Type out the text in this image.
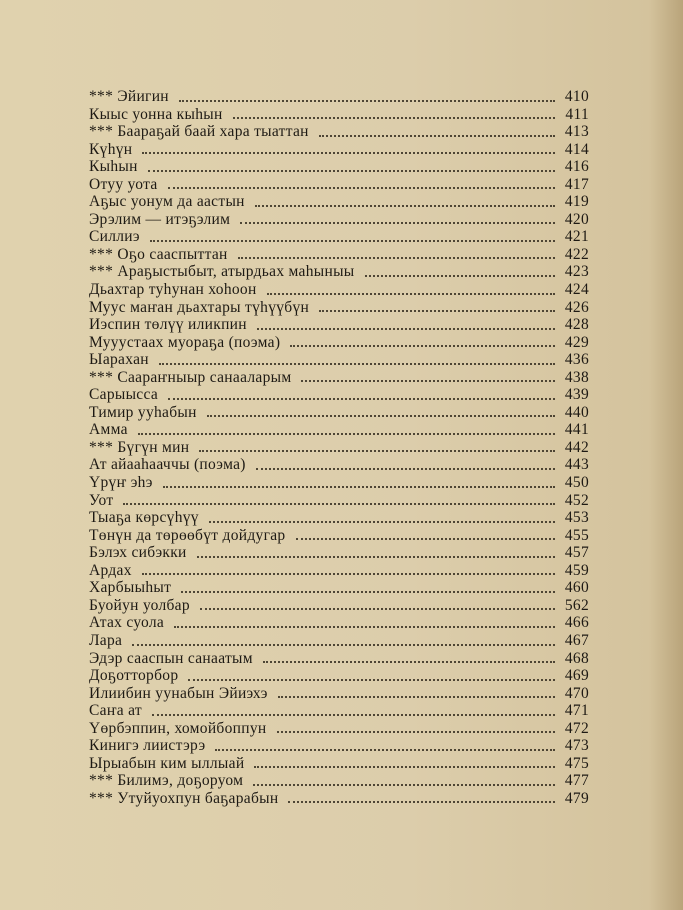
*** Эйигин	410
Кыыс уонна кыһын	411
*** Баараҕай баай хара тыаттан	413
Күһүн	414
Кыһын	416
Отуу уота	417
Аҕыс уонум да аастын	419
Эрэлим — итэҕэлим	420
Силлиэ	421
*** Оҕо сааспыттан	422
*** Араҕыстыбыт, атырдьах маһыныы	423
Дьахтар туһунан хоһоон	424
Муус маҥан дьахтары түһүүбүн	426
Иэспин төлүү иликпин	428
Мууустаах муораҕа (поэма)	429
Ыарахан	436
*** Саараҥныыр санааларым	438
Сарыысса	439
Тимир ууһабын	440
Амма	441
*** Бүгүн мин	442
Ат айааһааччы (поэма)	443
Үрүҥ эһэ	450
Уот	452
Тыаҕа көрсүһүү	453
Төнүн да төрөөбүт дойдугар	455
Бэлэх сибэкки	457
Ардах	459
Харбыыһыт	460
Буойун уолбар	562
Атах суола	466
Лара	467
Эдэр сааспын санаатым	468
Доҕотторбор	469
Илиибин уунабын Эйиэхэ	470
Саҥа ат	471
Үөрбэппин, хомойбоппун	472
Кинигэ лиистэрэ	473
Ырыабын ким ыллыай	475
*** Билимэ, доҕоруом	477
*** Утуйуохпун баҕарабын	479
